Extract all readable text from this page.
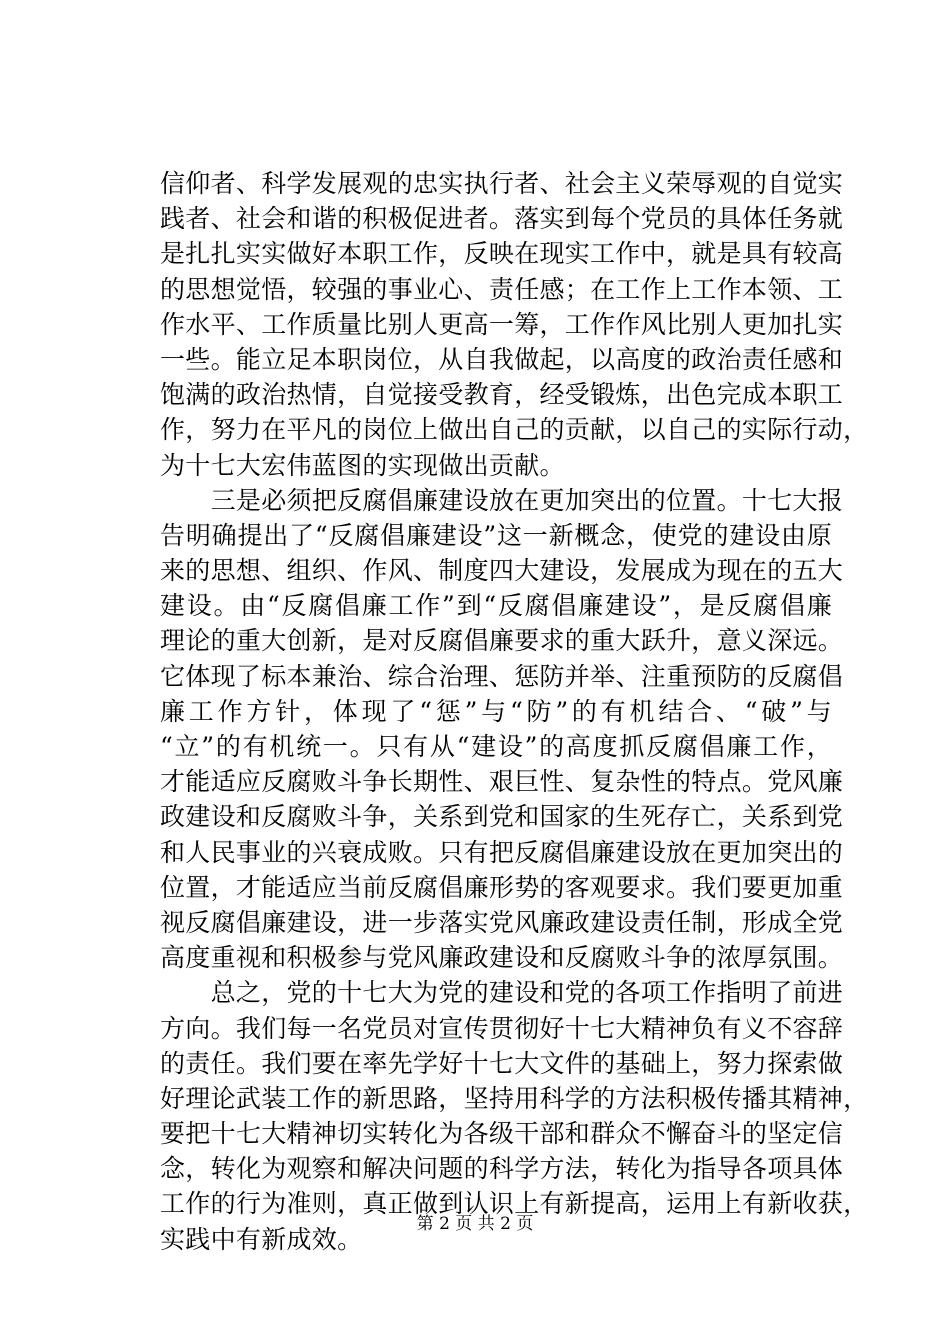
信仰者、科学发展观的忠实执行者、社会主义荣辱观的自觉实
践者、社会和谐的积极促进者。落实到每个党员的具体任务就
是扎扎实实做好本职工作，反映在现实工作中，就是具有较高
的思想觉悟，较强的事业心、责任感；在工作上工作本领、工
作水平、工作质量比别人更高一筹，工作作风比别人更加扎实
一些。能立足本职岗位，从自我做起，以高度的政治责任感和
饱满的政治热情，自觉接受教育，经受锻炼，出色完成本职工
作，努力在平凡的岗位上做出自己的贡献，以自己的实际行动，
为十七大宏伟蓝图的实现做出贡献。
　　三是必须把反腐倡廉建设放在更加突出的位置。十七大报
告明确提出了“反腐倡廉建设”这一新概念，使党的建设由原
来的思想、组织、作风、制度四大建设，发展成为现在的五大
建设。由“反腐倡廉工作”到“反腐倡廉建设”，是反腐倡廉
理论的重大创新，是对反腐倡廉要求的重大跃升，意义深远。
它体现了标本兼治、综合治理、惩防并举、注重预防的反腐倡
廉工作方针，体现了“惩”与“防”的有机结合、“破”与
“立”的有机统一。只有从“建设”的高度抓反腐倡廉工作，
才能适应反腐败斗争长期性、艰巨性、复杂性的特点。党风廉
政建设和反腐败斗争，关系到党和国家的生死存亡，关系到党
和人民事业的兴衰成败。只有把反腐倡廉建设放在更加突出的
位置，才能适应当前反腐倡廉形势的客观要求。我们要更加重
视反腐倡廉建设，进一步落实党风廉政建设责任制，形成全党
高度重视和积极参与党风廉政建设和反腐败斗争的浓厚氛围。
　　总之，党的十七大为党的建设和党的各项工作指明了前进
方向。我们每一名党员对宣传贯彻好十七大精神负有义不容辞
的责任。我们要在率先学好十七大文件的基础上，努力探索做
好理论武装工作的新思路，坚持用科学的方法积极传播其精神，
要把十七大精神切实转化为各级干部和群众不懈奋斗的坚定信
念，转化为观察和解决问题的科学方法，转化为指导各项具体
工作的行为准则，真正做到认识上有新提高，运用上有新收获，
实践中有新成效。
第 2 页 共 2 页
